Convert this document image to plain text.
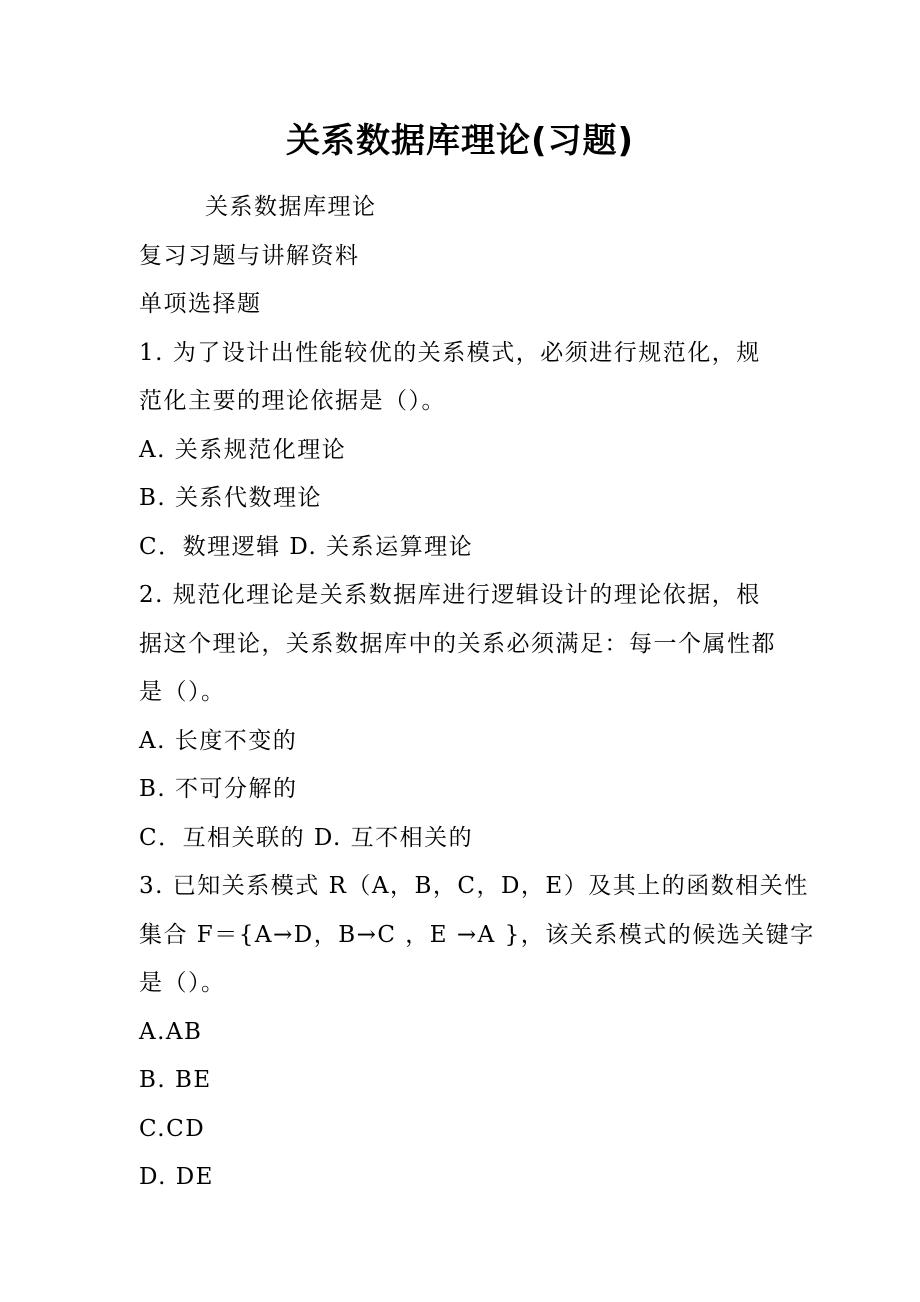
关系数据库理论(习题)
关系数据库理论
复习习题与讲解资料
单项选择题
1. 为了设计出性能较优的关系模式，必须进行规范化，规
范化主要的理论依据是（）。
A. 关系规范化理论
B. 关系代数理论
C．数理逻辑 D. 关系运算理论
2. 规范化理论是关系数据库进行逻辑设计的理论依据，根
据这个理论，关系数据库中的关系必须满足：每一个属性都
是（）。
A. 长度不变的
B. 不可分解的
C．互相关联的 D. 互不相关的
3. 已知关系模式 R（A，B，C，D，E）及其上的函数相关性
集合 F＝{A→D，B→C ，E →A }，该关系模式的候选关键字
是（）。
A.AB
B. BE
C.CD
D. DE
